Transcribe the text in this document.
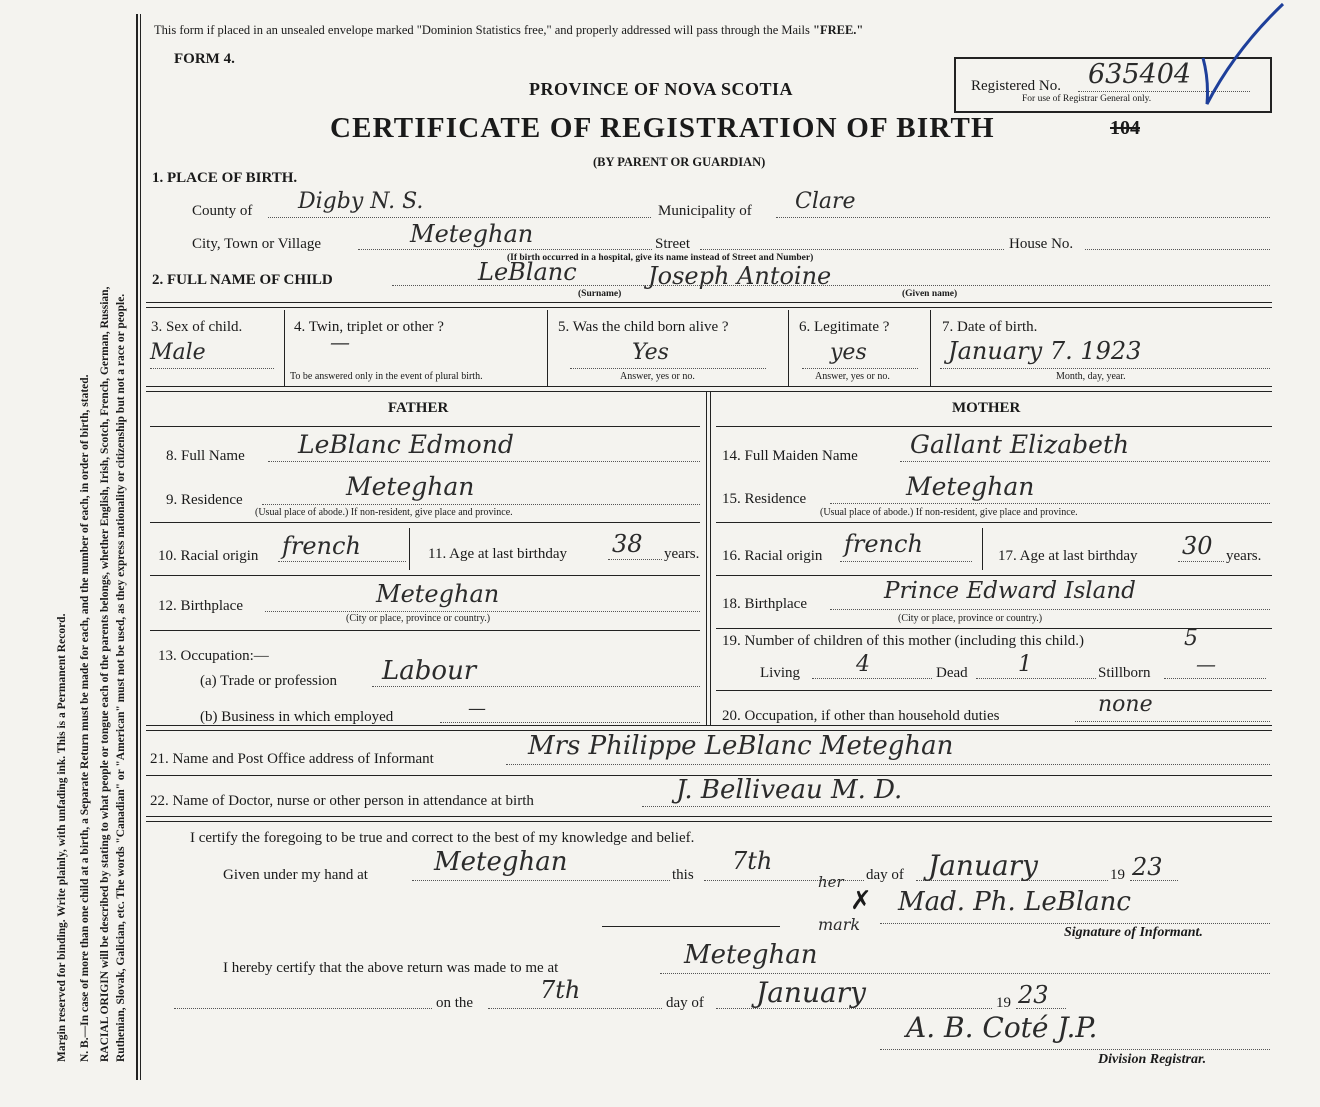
Margin reserved for binding. Write plainly, with unfading ink. This is a Permanent Record. N. B.—In case of more than one child at a birth, a Separate Return must be made for each, and the number of each, in order of birth, stated. RACIAL ORIGIN will be described by stating to what people or tongue each of the parents belongs, whether English, Irish, Scotch, French, German, Russian, Ruthenian, Slovak, Galician, etc. The words "Canadian" or "American" must not be used, as they express nationality or citizenship but not a race or people.
This form if placed in an unsealed envelope marked "Dominion Statistics free," and properly addressed will pass through the Mails "FREE."
FORM 4.
PROVINCE OF NOVA SCOTIA
CERTIFICATE OF REGISTRATION OF BIRTH	104
(BY PARENT OR GUARDIAN)
Registered No. 635404
For use of Registrar General only.
1. PLACE OF BIRTH.
County of Digby N. S.	Municipality of Clare
City, Town or Village	Meteghan	Street	House No.
(If birth occurred in a hospital, give its name instead of Street and Number)
2. FULL NAME OF CHILD	LeBlanc	Joseph Antoine
(Surname)	(Given name)
3. Sex of child.
Male
4. Twin, triplet or other ?
—
To be answered only in the event of plural birth.
5. Was the child born alive ?
Yes
Answer, yes or no.
6. Legitimate ?
yes
Answer, yes or no.
7. Date of birth.
January 7. 1923
Month, day, year.
FATHER	MOTHER
8. Full Name LeBlanc Edmond
9. Residence	Meteghan
(Usual place of abode.) If non-resident, give place and province.
10. Racial origin french	11. Age at last birthday 38 years.
12. Birthplace	Meteghan
(City or place, province or country.)
13. Occupation:—
(a) Trade or profession Labour
(b) Business in which employed	—
14. Full Maiden Name Gallant Elizabeth
15. Residence	Meteghan
(Usual place of abode.) If non-resident, give place and province.
16. Racial origin french	17. Age at last birthday 30 years.
18. Birthplace	Prince Edward Island
(City or place, province or country.)
19. Number of children of this mother (including this child.)	5
Living	4	Dead 1	Stillborn —
20. Occupation, if other than household duties	none
21. Name and Post Office address of Informant	Mrs Philippe LeBlanc Meteghan
22. Name of Doctor, nurse or other person in attendance at birth	J. Belliveau M. D.
I certify the foregoing to be true and correct to the best of my knowledge and belief.
Given under my hand at	Meteghan	this 7th	day of January	19 23
her
✗ Mad. Ph. LeBlanc
mark	Signature of Informant.
I hereby certify that the above return was made to me at	Meteghan
on the	7th	day of January	19 23
A. B. Coté J.P.
Division Registrar.
